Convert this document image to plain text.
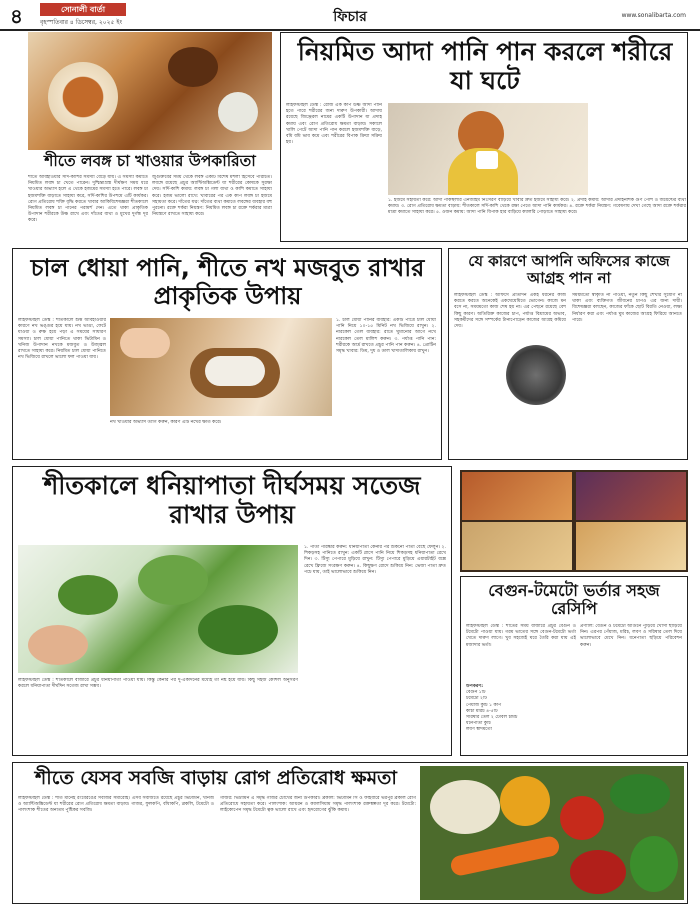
৪	সোনালী বার্তা
বৃহস্পতিবার ৪ ডিসেম্বর, ২০২৫ ইং	ফিচার	www.sonalibarta.com
শীতে লবঙ্গ চা খাওয়ার উপকারিতা
শীতে আবহাওয়ার সর্দি-কাশির সমস্যা বেড়ে যায়। এ সমস্যা কমাতে নিয়মিত লবঙ্গ চা খেতে পারেন। দুশ্চিন্তাগ্রস্ত দীর্ঘক্ষণ সময় ধরে খাওয়ার অভ্যাস হলে এ থেকে হজমের সমস্যা হতে পারে। লবঙ্গ চা হজমশক্তি বাড়াতে সাহায্য করে, সর্দি-কাশির উপশমে এটি কার্যকর। রোগ প্রতিরোধ শক্তি বৃদ্ধি করতে খাবার আকিবিশেষজ্ঞরা শীতকালে নিয়মিত লবঙ্গ চা পানের পরামর্শ দেন। এতে থাকা প্রাকৃতিক উপাদান শরীরকে উষ্ণ রাখে এবং দাঁতের ব্যথা ও মুখের দুর্গন্ধ দূর করে।
জুগুক্তবের সময় থেকে লবঙ্গ একটি বিশেষ মশলা হিসেবে পরিচিত। লবঙ্গে রয়েছে প্রচুর অ্যান্টিঅক্সিডেন্ট যা শরীরের কোষকে সুরক্ষা দেয়। সর্দি-কাশি কমায়: লবঙ্গ চা গলা ব্যথা ও কাশি কমাতে সাহায্য করে। হজম ভালো রাখে: খাবারের পর এক কাপ লবঙ্গ চা হজমে সহায়তা করে। দাঁতের যত্ন: দাঁতের ব্যথা কমাতে লবঙ্গের ব্যবহার বহু পুরনো। রক্তে শর্করা নিয়ন্ত্রণ: নিয়মিত লবঙ্গ চা রক্তে শর্করার মাত্রা নিয়ন্ত্রণে রাখতে সাহায্য করে।
নিয়মিত আদা পানি পান করলে শরীরে যা ঘটে
লাইফস্টাইল ডেস্ক : রোজ এক কাপ উষ্ণ আদা পানি হতে পারে শরীরের জন্য দারুণ উপকারী। আদায় রয়েছে জিঞ্জেরল নামের একটি উপাদান যা প্রদাহ কমায় এবং রোগ প্রতিরোধ ক্ষমতা বাড়ায়। সকালে খালি পেটে আদা পানি পান করলে হজমশক্তি বাড়ে, বমি বমি ভাব কমে এবং শরীরের বিপাক ক্রিয়া সক্রিয় হয়।
১. হজমে সহায়তা করে: আদা পাকস্থলীর এনজাইম নিঃসরণ বাড়িয়ে খাবার দ্রুত হজমে সাহায্য করে। ২. প্রদাহ কমায়: আদার প্রদাহনাশক গুণ পেশি ও জয়েন্টের ব্যথা কমায়। ৩. রোগ প্রতিরোধ ক্ষমতা বাড়ায়: শীতকালে সর্দি-কাশি থেকে রক্ষা পেতে আদা পানি কার্যকর। ৪. রক্তে শর্করা নিয়ন্ত্রণ: গবেষণায় দেখা গেছে আদা রক্তে শর্করার মাত্রা কমাতে সাহায্য করে। ৫. ওজন কমায়: আদা পানি বিপাক হার বাড়িয়ে ক্যালরি পোড়াতে সাহায্য করে।
চাল ধোয়া পানি, শীতে নখ মজবুত রাখার প্রাকৃতিক উপায়
লাইফস্টাইল ডেস্ক : শীতকালে শুষ্ক আবহাওয়ার কারণে নখ ভঙ্গুর হয়ে যায়। নখ ভাঙা, ফেটে যাওয়া ও রুক্ষ হয়ে পড়া এ সময়ের সাধারণ সমস্যা। চাল ধোয়া পানিতে থাকা ভিটামিন ও খনিজ উপাদান নখকে মজবুত ও উজ্জ্বল রাখতে সাহায্য করে। নিয়মিত চাল ধোয়া পানিতে নখ ভিজিয়ে রাখলে ভালো ফল পাওয়া যায়।
নখ খাওয়ার অভ্যাস ত্যাগ করুন, কারণ এটি নখের ক্ষতি করে।
১. চাল ধোয়া পানির ব্যবহার: একটি পাত্রে চাল ধোয়া পানি নিয়ে ১০-১৫ মিনিট নখ ভিজিয়ে রাখুন। ২. নারকেল তেল ব্যবহার: রাতে ঘুমানোর আগে নখে নারকেল তেল মালিশ করুন। ৩. পর্যাপ্ত পানি পান: শরীরকে আর্দ্র রাখতে প্রচুর পানি পান করুন। ৪. প্রোটিন সমৃদ্ধ খাবার: ডিম, দুধ ও ডাল খাদ্যতালিকায় রাখুন।
যে কারণে আপনি অফিসের কাজে আগ্রহ পান না
লাইফস্টাইল ডেস্ক : অফিসে প্রতিদিন একই ধরনের কাজ করতে করতে অনেকেই একঘেয়েমিতে ভোগেন। কাজে মন বসে না, সময়মতো কাজ শেষ হয় না। এর পেছনে রয়েছে বেশ কিছু কারণ। অতিরিক্ত কাজের চাপ, পর্যাপ্ত বিশ্রামের অভাব, সহকর্মীদের সঙ্গে সম্পর্কের টানাপোড়েন কাজের আগ্রহ কমিয়ে দেয়।
সময়মতো স্বীকৃতি না পাওয়া, নতুন কিছু শেখার সুযোগ না থাকা এবং ব্যক্তিগত জীবনের চাপও এর জন্য দায়ী। বিশেষজ্ঞরা বলছেন, কাজের ফাঁকে ছোট বিরতি নেওয়া, লক্ষ্য নির্ধারণ করা এবং পর্যাপ্ত ঘুম কাজের আগ্রহ ফিরিয়ে আনতে পারে।
শীতকালে ধনিয়াপাতা দীর্ঘসময় সতেজ রাখার উপায়
লাইফস্টাইল ডেস্ক : শীতকালে বাজারে প্রচুর ধনিয়াপাতা পাওয়া যায়। কিন্তু কেনার পর দু-একদিনের মধ্যেই তা নষ্ট হয়ে যায়। কিছু সহজ কৌশল অনুসরণ করলে ধনিয়াপাতা দীর্ঘদিন সতেজ রাখা সম্ভব।
১. পাতা পরিষ্কার করুন: ধনিয়াপাতা কেনার পর শুকনো পাতা বেছে ফেলুন। ২. শিকড়সহ পানিতে রাখুন: একটি গ্লাসে পানি নিয়ে শিকড়সহ ধনিয়াপাতা রেখে দিন। ৩. টিস্যু পেপারে মুড়িয়ে রাখুন: টিস্যু পেপারে মুড়িয়ে এয়ারটাইট বক্সে রেখে ফ্রিজে সংরক্ষণ করুন। ৪. কিছুক্ষণ রোদে শুকিয়ে নিন: ভেজা পাতা দ্রুত পচে যায়, তাই ভালোভাবে শুকিয়ে নিন।
বেগুন-টমেটো ভর্তার সহজ রেসিপি
লাইফস্টাইল ডেস্ক : শীতের সময় বাজারে প্রচুর বেগুন ও টমেটো পাওয়া যায়। গরম ভাতের সঙ্গে বেগুন-টমেটো ভর্তা খেতে দারুণ লাগে। খুব সহজেই ঘরে তৈরি করা যায় এই মজাদার ভর্তা।
উপকরণ:
বেগুন ১টি
টমেটো ২টি
পেঁয়াজ কুচি ১ কাপ
কাঁচা মরিচ ৪-৫টি
সরিষার তেল ২ টেবিল চামচ
ধনেপাতা কুচি
লবণ স্বাদমতো
প্রণালি: বেগুন ও টমেটো আগুনে পুড়িয়ে খোসা ছাড়িয়ে নিন। এরপর পেঁয়াজ, মরিচ, লবণ ও সরিষার তেল দিয়ে ভালোভাবে মেখে নিন। ধনেপাতা ছড়িয়ে পরিবেশন করুন।
শীতে যেসব সবজি বাড়ায় রোগ প্রতিরোধ ক্ষমতা
লাইফস্টাইল ডেস্ক : শীত মানেই রংবেরঙের সবজির সমারোহ। এসব সবজিতে রয়েছে প্রচুর ভিটামিন, খনিজ ও অ্যান্টিঅক্সিডেন্ট যা শরীরের রোগ প্রতিরোধ ক্ষমতা বাড়ায়। গাজর, ফুলকপি, বাঁধাকপি, ব্রকলি, টমেটো ও পালংশাক শীতের অন্যতম পুষ্টিকর সবজি।
গাজর: ভিটামিন এ সমৃদ্ধ গাজর চোখের জন্য উপকারী। ব্রকলি: ভিটামিন সি ও ফাইবারে ভরপুর ব্রকলি রোগ প্রতিরোধে সহায়তা করে। পালংশাক: আয়রন ও ক্যালসিয়াম সমৃদ্ধ পালংশাক রক্তস্বল্পতা দূর করে। টমেটো: লাইকোপেন সমৃদ্ধ টমেটো ত্বক ভালো রাখে এবং হৃদরোগের ঝুঁকি কমায়।
